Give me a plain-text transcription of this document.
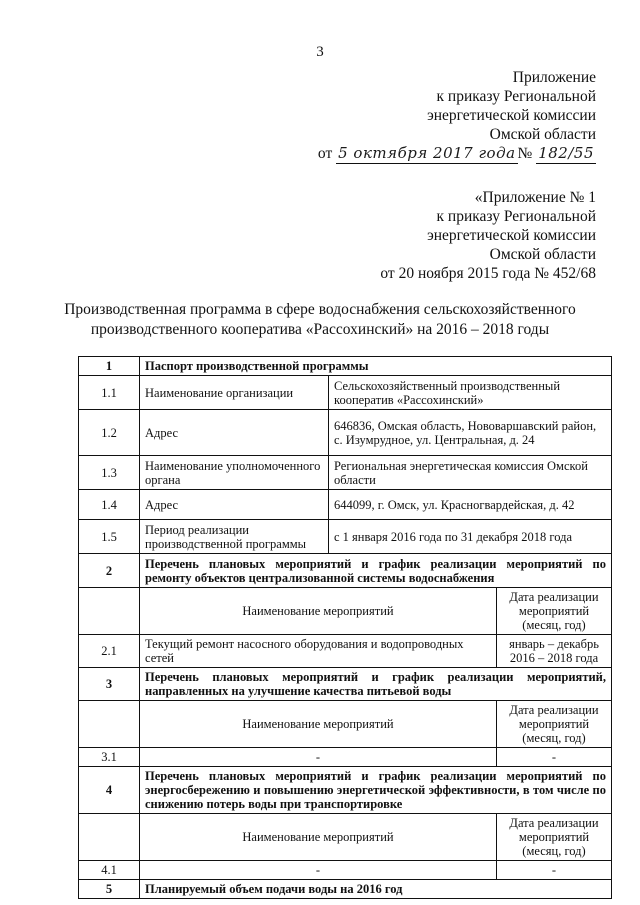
3
Приложение
к приказу Региональной
энергетической комиссии
Омской области
от 5 октября 2017 года № 182/55
«Приложение № 1
к приказу Региональной
энергетической комиссии
Омской области
от 20 ноября 2015 года № 452/68
Производственная программа в сфере водоснабжения сельскохозяйственного
производственного кооператива «Рассохинский» на 2016 – 2018 годы
1	Паспорт производственной программы		
1.1	Наименование организации	Сельскохозяйственный производственный кооператив «Рассохинский»	
1.2	Адрес	646836, Омская область, Нововаршавский район, с. Изумрудное, ул. Центральная, д. 24	
1.3	Наименование уполномоченного органа	Региональная энергетическая комиссия Омской области	
1.4	Адрес	644099, г. Омск, ул. Красногвардейская, д. 42	
1.5	Период реализации производственной программы	с 1 января 2016 года по 31 декабря 2018 года	
2	Перечень плановых мероприятий и график реализации мероприятий по ремонту объектов централизованной системы водоснабжения		
	Наименование мероприятий		Дата реализации мероприятий (месяц, год)
2.1	Текущий ремонт насосного оборудования и водопроводных сетей		январь – декабрь 2016 – 2018 года
3	Перечень плановых мероприятий и график реализации мероприятий, направленных на улучшение качества питьевой воды		
	Наименование мероприятий		Дата реализации мероприятий (месяц, год)
3.1	-		-
4	Перечень плановых мероприятий и график реализации мероприятий по энергосбережению и повышению энергетической эффективности, в том числе по снижению потерь воды при транспортировке		
	Наименование мероприятий		Дата реализации мероприятий (месяц, год)
4.1	-		-
5	Планируемый объем подачи воды на 2016 год		
